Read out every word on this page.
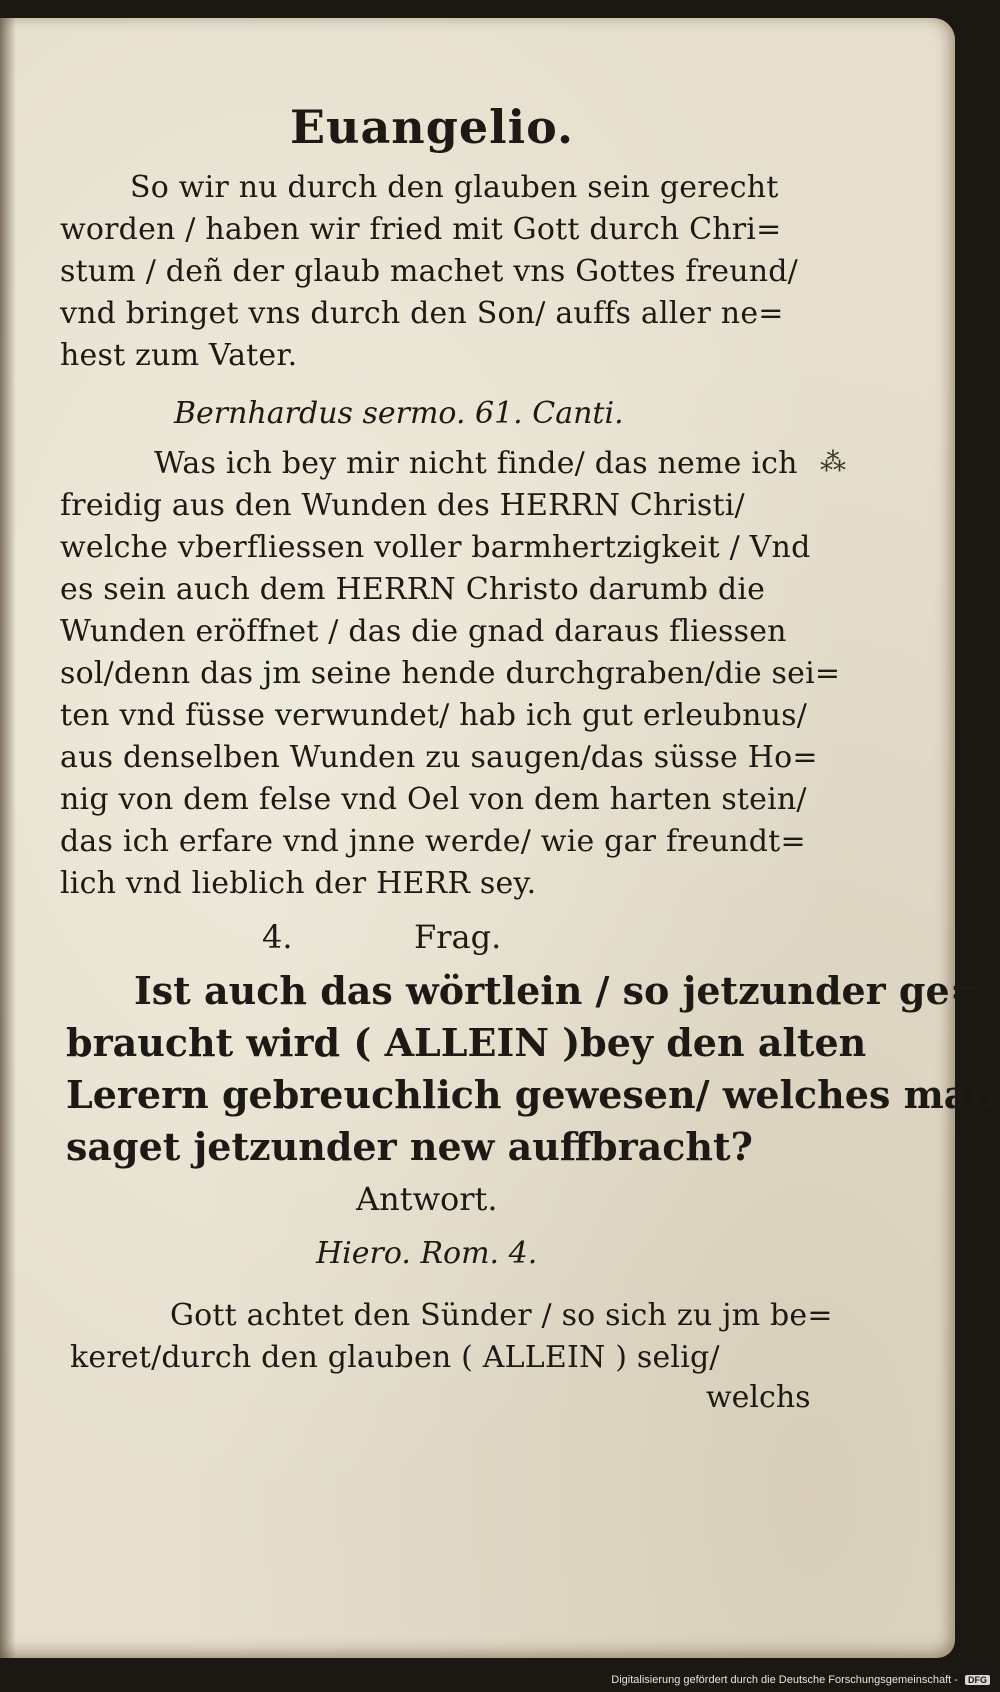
Euangelio.
So wir nu durch den glauben sein gerecht
worden / haben wir fried mit Gott durch Chri=
stum / deñ der glaub machet vns Gottes freund/
vnd bringet vns durch den Son/ auffs aller ne=
hest zum Vater.
Bernhardus sermo. 61. Canti.
⁂
Was ich bey mir nicht finde/ das neme ich
freidig aus den Wunden des HERRN Christi/
welche vberfliessen voller barmhertzigkeit / Vnd
es sein auch dem HERRN Christo darumb die
Wunden eröffnet / das die gnad daraus fliessen
sol/denn das jm seine hende durchgraben/die sei=
ten vnd füsse verwundet/ hab ich gut erleubnus/
aus denselben Wunden zu saugen/das süsse Ho=
nig von dem felse vnd Oel von dem harten stein/
das ich erfare vnd jnne werde/ wie gar freundt=
lich vnd lieblich der HERR sey.
4.	Frag.
Ist auch das wörtlein / so jetzunder ge=
braucht wird ( ALLEIN )bey den alten
Lerern gebreuchlich gewesen/ welches man
saget jetzunder new auffbracht?
Antwort.
Hiero. Rom. 4.
Gott achtet den Sünder / so sich zu jm be=
keret/durch den glauben ( ALLEIN ) selig/
welchs
Digitalisierung gefördert durch die Deutsche Forschungsgemeinschaft - DFG
